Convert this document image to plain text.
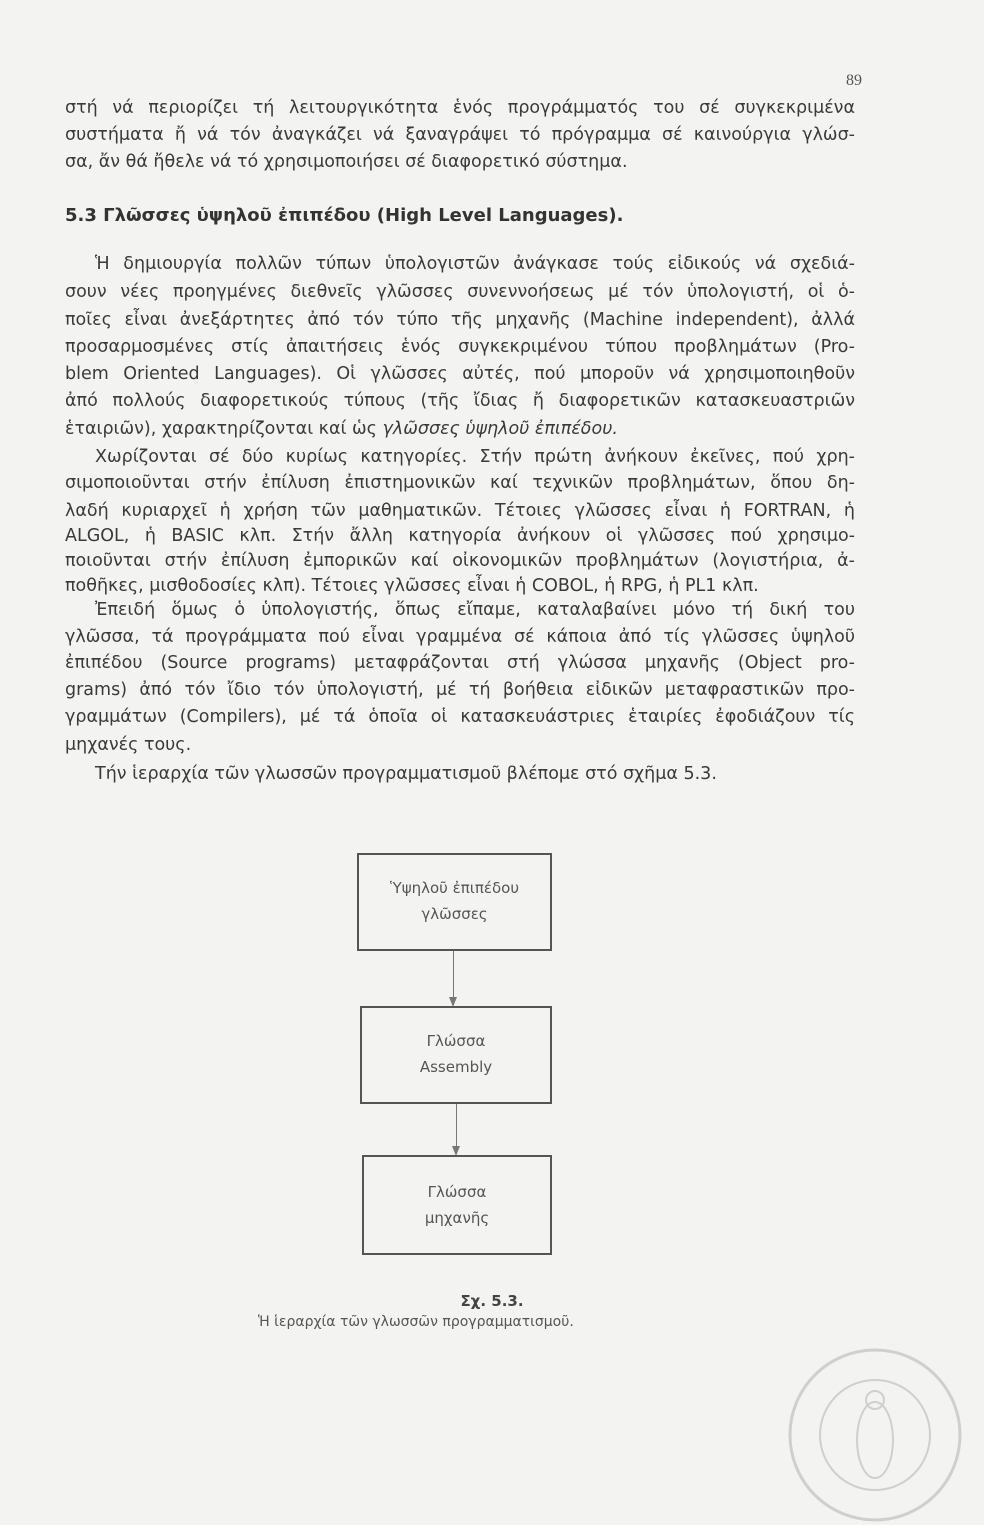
89
στή νά περιορίζει τή λειτουργικότητα ἑνός προγράμματός του σέ συγκεκριμένα
συστήματα ἤ νά τόν ἀναγκάζει νά ξαναγράψει τό πρόγραμμα σέ καινούργια γλώσ-
σα, ἄν θά ἤθελε νά τό χρησιμοποιήσει σέ διαφορετικό σύστημα.
5.3 Γλῶσσες ὑψηλοῦ ἐπιπέδου (High Level Languages).
Ἡ δημιουργία πολλῶν τύπων ὑπολογιστῶν ἀνάγκασε τούς εἰδικούς νά σχεδιά-
σουν νέες προηγμένες διεθνεῖς γλῶσσες συνεννοήσεως μέ τόν ὑπολογιστή, οἱ ὁ-
ποῖες εἶναι ἀνεξάρτητες ἀπό τόν τύπο τῆς μηχανῆς (Machine independent), ἀλλά
προσαρμοσμένες στίς ἀπαιτήσεις ἑνός συγκεκριμένου τύπου προβλημάτων (Pro-
blem Oriented Languages). Οἱ γλῶσσες αὐτές, πού μποροῦν νά χρησιμοποιηθοῦν
ἀπό πολλούς διαφορετικούς τύπους (τῆς ἴδιας ἤ διαφορετικῶν κατασκευαστριῶν
ἑταιριῶν), χαρακτηρίζονται καί ὡς γλῶσσες ὑψηλοῦ ἐπιπέδου.
Χωρίζονται σέ δύο κυρίως κατηγορίες. Στήν πρώτη ἀνήκουν ἐκεῖνες, πού χρη-
σιμοποιοῦνται στήν ἐπίλυση ἐπιστημονικῶν καί τεχνικῶν προβλημάτων, ὅπου δη-
λαδή κυριαρχεῖ ἡ χρήση τῶν μαθηματικῶν. Τέτοιες γλῶσσες εἶναι ἡ FORTRAN, ἡ
ALGOL, ἡ BASIC κλπ. Στήν ἄλλη κατηγορία ἀνήκουν οἱ γλῶσσες πού χρησιμο-
ποιοῦνται στήν ἐπίλυση ἐμπορικῶν καί οἰκονομικῶν προβλημάτων (λογιστήρια, ἀ-
ποθῆκες, μισθοδοσίες κλπ). Τέτοιες γλῶσσες εἶναι ἡ COBOL, ἡ RPG, ἡ PL1 κλπ.
Ἐπειδή ὅμως ὁ ὑπολογιστής, ὅπως εἴπαμε, καταλαβαίνει μόνο τή δική του
γλῶσσα, τά προγράμματα πού εἶναι γραμμένα σέ κάποια ἀπό τίς γλῶσσες ὑψηλοῦ
ἐπιπέδου (Source programs) μεταφράζονται στή γλώσσα μηχανῆς (Object pro-
grams) ἀπό τόν ἴδιο τόν ὑπολογιστή, μέ τή βοήθεια εἰδικῶν μεταφραστικῶν προ-
γραμμάτων (Compilers), μέ τά ὁποῖα οἱ κατασκευάστριες ἑταιρίες ἐφοδιάζουν τίς
μηχανές τους.
Τήν ἱεραρχία τῶν γλωσσῶν προγραμματισμοῦ βλέπομε στό σχῆμα 5.3.
Ὑψηλοῦ ἐπιπέδου
γλῶσσες
Γλώσσα
Assembly
Γλώσσα
μηχανῆς
Σχ. 5.3.
Ἡ ἱεραρχία τῶν γλωσσῶν προγραμματισμοῦ.
